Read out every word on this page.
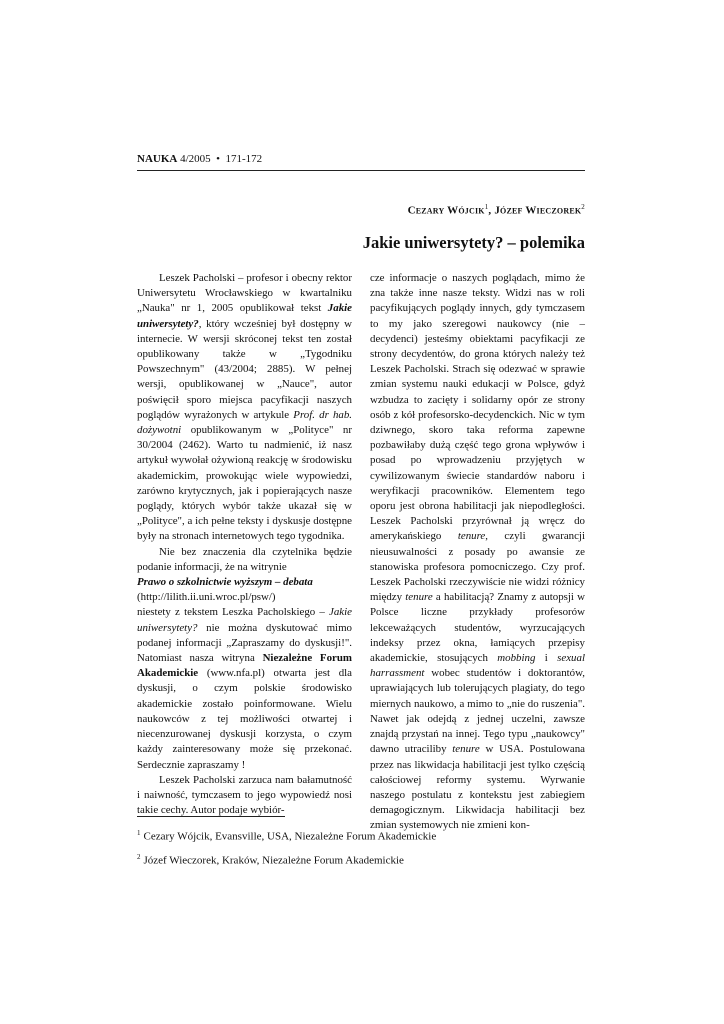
NAUKA 4/2005 • 171-172
Cezary Wójcik$^1$, Józef Wieczorek$^2$
Jakie uniwersytety? – polemika

Leszek Pacholski – profesor i obecny rektor Uniwersytetu Wrocławskiego w kwartalniku „Nauka" nr 1, 2005 opublikował tekst Jakie uniwersytety?, który wcześniej był dostępny w internecie. W wersji skróconej tekst ten został opublikowany także w „Tygodniku Powszechnym" (43/2004; 2885). W pełnej wersji, opublikowanej w „Nauce", autor poświęcił sporo miejsca pacyfikacji naszych poglądów wyrażonych w artykule Prof. dr hab. dożywotni opublikowanym w „Polityce" nr 30/2004 (2462). Warto tu nadmienić, iż nasz artykuł wywołał ożywioną reakcję w środowisku akademickim, prowokując wiele wypowiedzi, zarówno krytycznych, jak i popierających nasze poglądy, których wybór także ukazał się w „Polityce", a ich pełne teksty i dyskusje dostępne były na stronach internetowych tego tygodnika.

Nie bez znaczenia dla czytelnika będzie podanie informacji, że na witrynie

Prawo o szkolnictwie wyższym – debata

(http://lilith.ii.uni.wroc.pl/psw/)

niestety z tekstem Leszka Pacholskiego – Jakie uniwersytety? nie można dyskutować mimo podanej informacji „Zapraszamy do dyskusji!". Natomiast nasza witryna Niezależne Forum Akademickie (www.nfa.pl) otwarta jest dla dyskusji, o czym polskie środowisko akademickie zostało poinformowane. Wielu naukowców z tej możliwości otwartej i niecenzurowanej dyskusji korzysta, o czym każdy zainteresowany może się przekonać. Serdecznie zapraszamy !

Leszek Pacholski zarzuca nam bałamutność i naiwność, tymczasem to jego wypowiedź nosi takie cechy. Autor podaje wybiór-

cze informacje o naszych poglądach, mimo że zna także inne nasze teksty. Widzi nas w roli pacyfikujących poglądy innych, gdy tymczasem to my jako szeregowi naukowcy (nie – decydenci) jesteśmy obiektami pacyfikacji ze strony decydentów, do grona których należy też Leszek Pacholski. Strach się odezwać w sprawie zmian systemu nauki edukacji w Polsce, gdyż wzbudza to zacięty i solidarny opór ze strony osób z kół profesorsko-decydenckich. Nic w tym dziwnego, skoro taka reforma zapewne pozbawiłaby dużą część tego grona wpływów i posad po wprowadzeniu przyjętych w cywilizowanym świecie standardów naboru i weryfikacji pracowników. Elementem tego oporu jest obrona habilitacji jak niepodległości. Leszek Pacholski przyrównał ją wręcz do amerykańskiego tenure, czyli gwarancji nieusuwalności z posady po awansie ze stanowiska profesora pomocniczego. Czy prof. Leszek Pacholski rzeczywiście nie widzi różnicy między tenure a habilitacją? Znamy z autopsji w Polsce liczne przykłady profesorów lekceważących studentów, wyrzucających indeksy przez okna, łamiących przepisy akademickie, stosujących mobbing i sexual harrassment wobec studentów i doktorantów, uprawiających lub tolerujących plagiaty, do tego miernych naukowo, a mimo to „nie do ruszenia". Nawet jak odejdą z jednej uczelni, zawsze znajdą przystań na innej. Tego typu „naukowcy" dawno utraciliby tenure w USA. Postulowana przez nas likwidacja habilitacji jest tylko częścią całościowej reformy systemu. Wyrwanie naszego postulatu z kontekstu jest zabiegiem demagogicznym. Likwidacja habilitacji bez zmian systemowych nie zmieni kon-

$^1$ Cezary Wójcik, Evansville, USA, Niezależne Forum Akademickie
$^2$ Józef Wieczorek, Kraków, Niezależne Forum Akademickie
